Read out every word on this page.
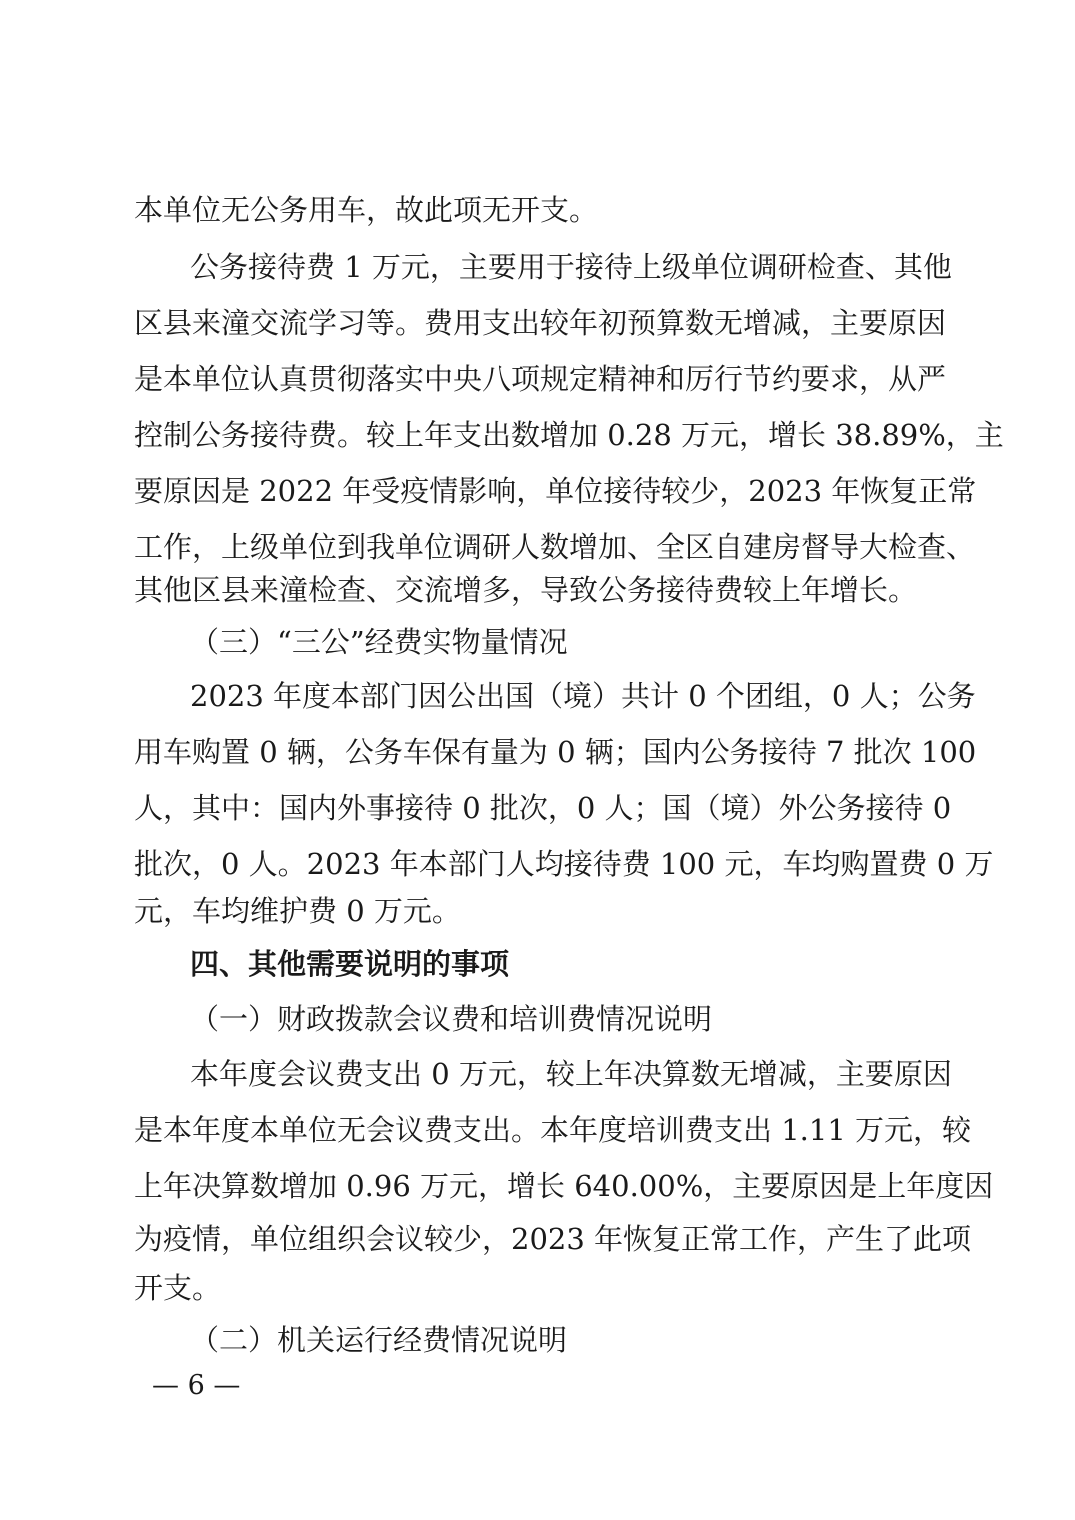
本单位无公务用车，故此项无开支。
公务接待费 1 万元，主要用于接待上级单位调研检查、其他
区县来潼交流学习等。费用支出较年初预算数无增减，主要原因
是本单位认真贯彻落实中央八项规定精神和厉行节约要求，从严
控制公务接待费。较上年支出数增加 0.28 万元，增长 38.89%，主
要原因是 2022 年受疫情影响，单位接待较少，2023 年恢复正常
工作，上级单位到我单位调研人数增加、全区自建房督导大检查、
其他区县来潼检查、交流增多，导致公务接待费较上年增长。
（三）“三公”经费实物量情况
2023 年度本部门因公出国（境）共计 0 个团组，0 人；公务
用车购置 0 辆，公务车保有量为 0 辆；国内公务接待 7 批次 100
人，其中：国内外事接待 0 批次，0 人；国（境）外公务接待 0
批次，0 人。2023 年本部门人均接待费 100 元，车均购置费 0 万
元，车均维护费 0 万元。
四、其他需要说明的事项
（一）财政拨款会议费和培训费情况说明
本年度会议费支出 0 万元，较上年决算数无增减，主要原因
是本年度本单位无会议费支出。本年度培训费支出 1.11 万元，较
上年决算数增加 0.96 万元，增长 640.00%，主要原因是上年度因
为疫情，单位组织会议较少，2023 年恢复正常工作，产生了此项
开支。
（二）机关运行经费情况说明
— 6 —
